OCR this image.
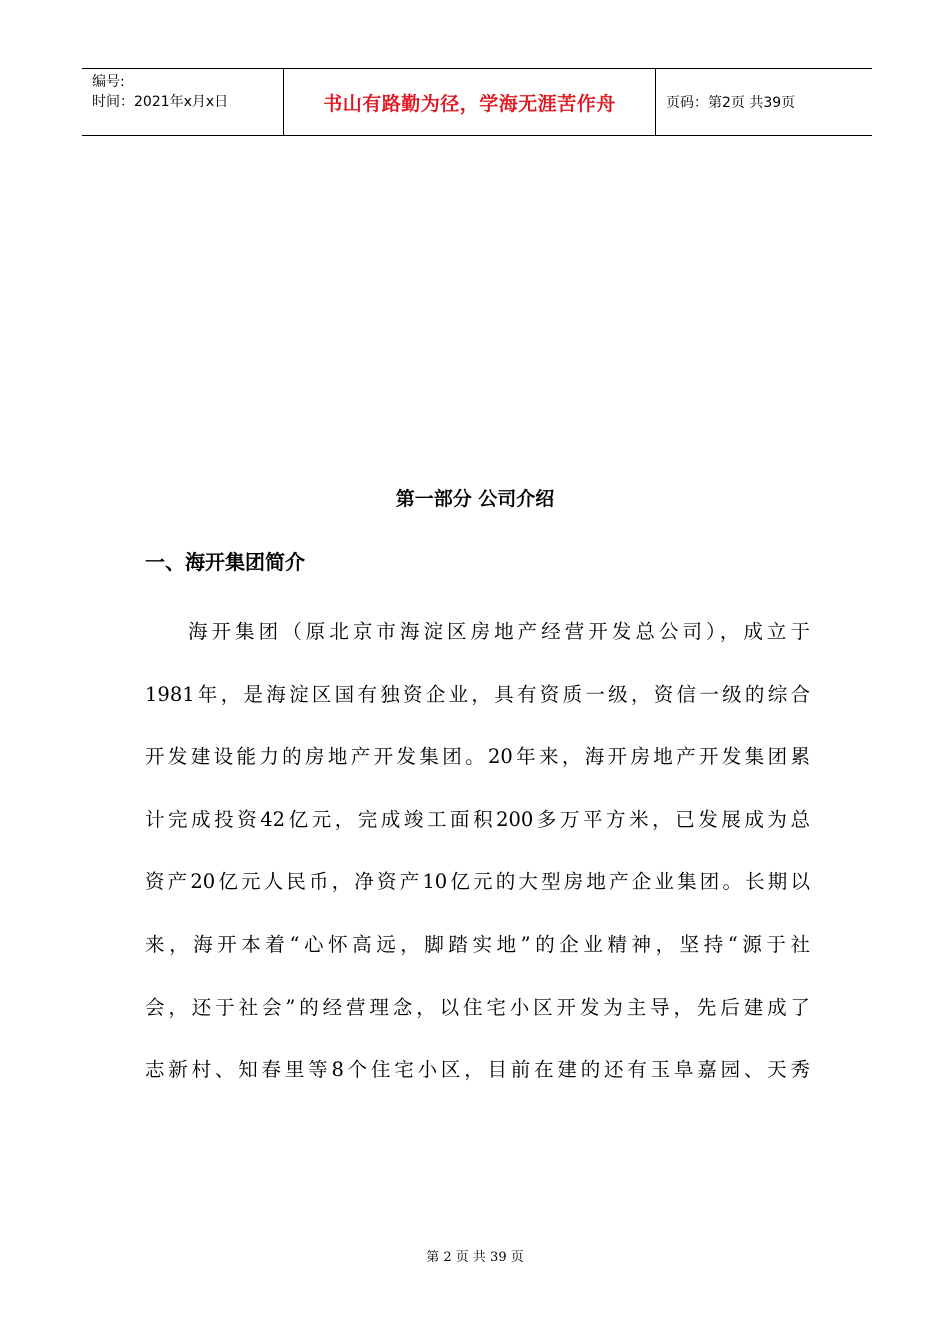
编号:
时间：2021年x月x日	书山有路勤为径，学海无涯苦作舟	页码：第2页 共39页
第一部分 公司介绍
一、海开集团简介
海开集团（原北京市海淀区房地产经营开发总公司），成立于
1981年，是海淀区国有独资企业，具有资质一级，资信一级的综合
开发建设能力的房地产开发集团。20年来，海开房地产开发集团累
计完成投资42亿元，完成竣工面积200多万平方米，已发展成为总
资产20亿元人民币，净资产10亿元的大型房地产企业集团。长期以
来，海开本着“心怀高远，脚踏实地”的企业精神，坚持“源于社
会，还于社会”的经营理念，以住宅小区开发为主导，先后建成了
志新村、知春里等8个住宅小区，目前在建的还有玉阜嘉园、天秀
第 2 页 共 39 页
